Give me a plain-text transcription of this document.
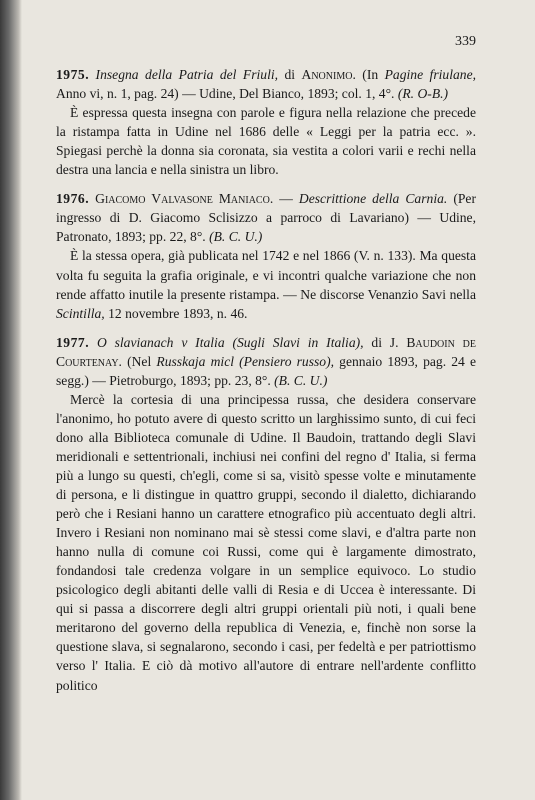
339

1975. Insegna della Patria del Friuli, di Anonimo. (In Pagine friulane, Anno vi, n. 1, pag. 24) — Udine, Del Bianco, 1893; col. 1, 4°. (R. O-B.)

È espressa questa insegna con parole e figura nella relazione che precede la ristampa fatta in Udine nel 1686 delle « Leggi per la patria ecc. ». Spiegasi perchè la donna sia coronata, sia vestita a colori varii e rechi nella destra una lancia e nella sinistra un libro.

1976. Giacomo Valvasone Maniaco. — Descrittione della Carnia. (Per ingresso di D. Giacomo Sclisizzo a parroco di Lavariano) — Udine, Patronato, 1893; pp. 22, 8°. (B. C. U.)

È la stessa opera, già publicata nel 1742 e nel 1866 (V. n. 133). Ma questa volta fu seguita la grafia originale, e vi incontri qualche variazione che non rende affatto inutile la presente ristampa. — Ne discorse Venanzio Savi nella Scintilla, 12 novembre 1893, n. 46.

1977. O slavianach v Italia (Sugli Slavi in Italia), di J. Baudoin de Courtenay. (Nel Russkaja micl (Pensiero russo), gennaio 1893, pag. 24 e segg.) — Pietroburgo, 1893; pp. 23, 8°. (B. C. U.)

Mercè la cortesia di una principessa russa, che desidera conservare l'anonimo, ho potuto avere di questo scritto un larghissimo sunto, di cui feci dono alla Biblioteca comunale di Udine. Il Baudoin, trattando degli Slavi meridionali e settentrionali, inchiusi nei confini del regno d' Italia, si ferma più a lungo su questi, ch'egli, come si sa, visitò spesse volte e minutamente di persona, e li distingue in quattro gruppi, secondo il dialetto, dichiarando però che i Resiani hanno un carattere etnografico più accentuato degli altri. Invero i Resiani non nominano mai sè stessi come slavi, e d'altra parte non hanno nulla di comune coi Russi, come qui è largamente dimostrato, fondandosi tale credenza volgare in un semplice equivoco. Lo studio psicologico degli abitanti delle valli di Resia e di Uccea è interessante. Di qui si passa a discorrere degli altri gruppi orientali più noti, i quali bene meritarono del governo della republica di Venezia, e, finchè non sorse la questione slava, si segnalarono, secondo i casi, per fedeltà e per patriottismo verso l' Italia. E ciò dà motivo all'autore di entrare nell'ardente conflitto politico
